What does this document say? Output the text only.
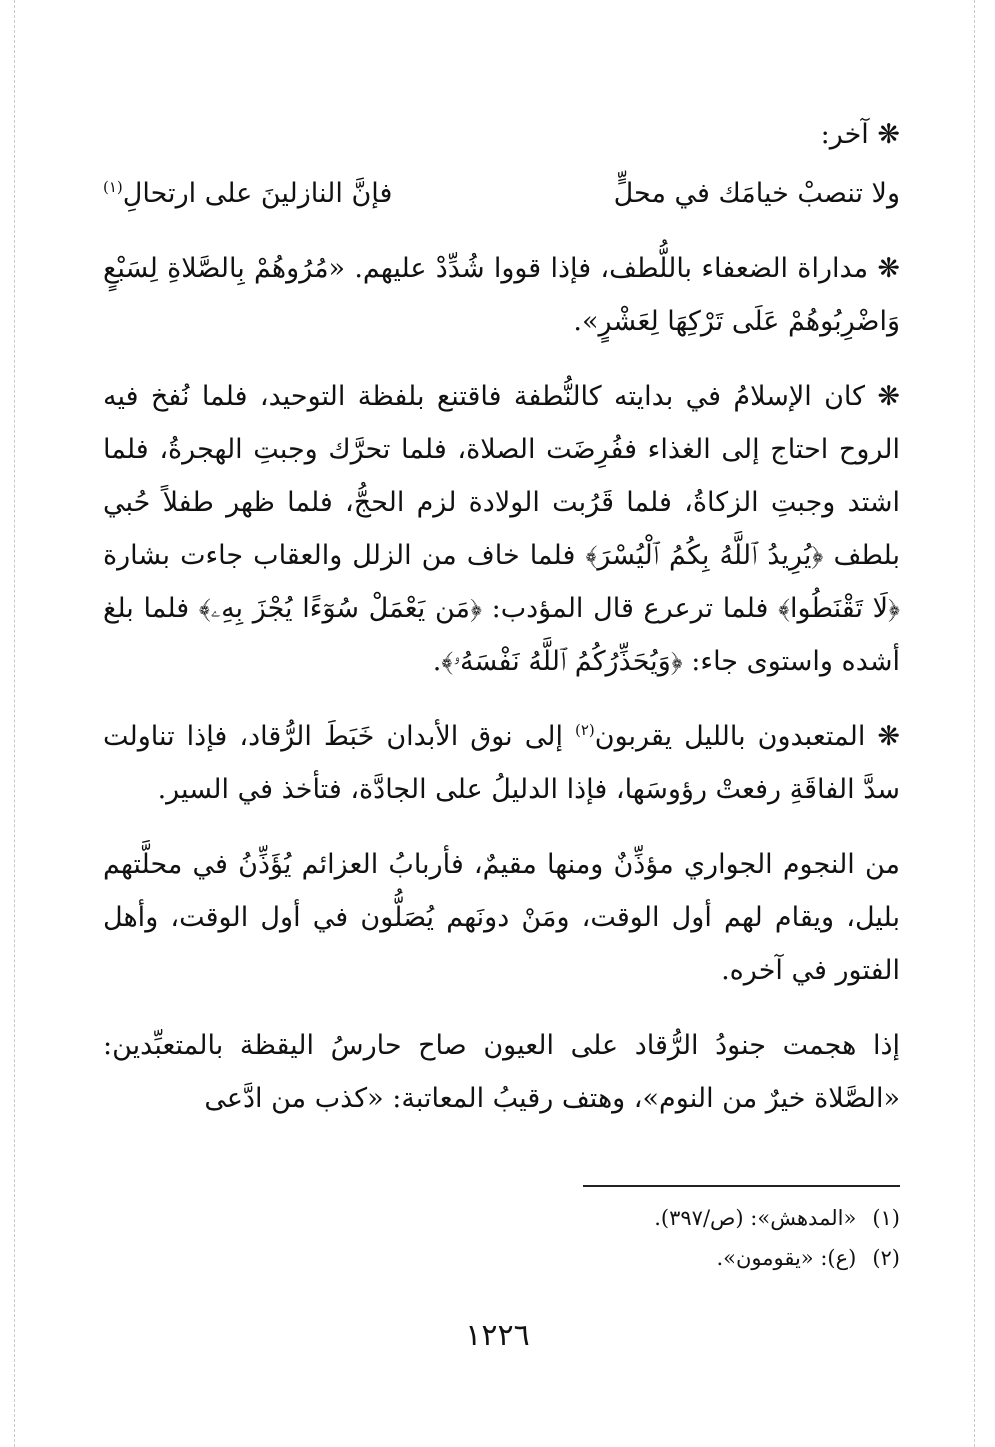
❋ آخر:

ولا تنصبْ خيامَك في محلٍّ
فإنَّ النازلينَ على ارتحالِ$^{(١)}$

❋ مداراة الضعفاء باللُّطف، فإذا قووا شُدِّدْ عليهم. «مُرُوهُمْ بِالصَّلاةِ لِسَبْعٍ وَاضْرِبُوهُمْ عَلَى تَرْكِهَا لِعَشْرٍ».

❋ كان الإسلامُ في بدايته كالنُّطفة فاقتنع بلفظة التوحيد، فلما نُفخ فيه الروح احتاج إلى الغذاء ففُرِضَت الصلاة، فلما تحرَّك وجبتِ الهجرةُ، فلما اشتد وجبتِ الزكاةُ، فلما قَرُبت الولادة لزم الحجُّ، فلما ظهر طفلاً حُبي بلطف ﴿يُرِيدُ ٱللَّهُ بِكُمُ ٱلْيُسْرَ﴾ فلما خاف من الزلل والعقاب جاءت بشارة ﴿لَا تَقْنَطُوا﴾ فلما ترعرع قال المؤدب: ﴿مَن يَعْمَلْ سُوٓءًا يُجْزَ بِهِۦ﴾ فلما بلغ أشده واستوى جاء: ﴿وَيُحَذِّرُكُمُ ٱللَّهُ نَفْسَهُۥ﴾.

❋ المتعبدون بالليل يقربون$^{(٢)}$ إلى نوق الأبدان خَبَطَ الرُّقاد، فإذا تناولت سدَّ الفاقَةِ رفعتْ رؤوسَها، فإذا الدليلُ على الجادَّة، فتأخذ في السير.

من النجوم الجواري مؤذِّنٌ ومنها مقيمٌ، فأربابُ العزائم يُؤَذِّنُ في محلَّتهم بليل، ويقام لهم أول الوقت، ومَنْ دونَهم يُصَلُّون في أول الوقت، وأهل الفتور في آخره.

إذا هجمت جنودُ الرُّقاد على العيون صاح حارسُ اليقظة بالمتعبِّدين: «الصَّلاة خيرٌ من النوم»، وهتف رقيبُ المعاتبة: «كذب من ادَّعى

(١)«المدهش»: (ص/٣٩٧).

(٢)(ع): «يقومون».

١٢٢٦
